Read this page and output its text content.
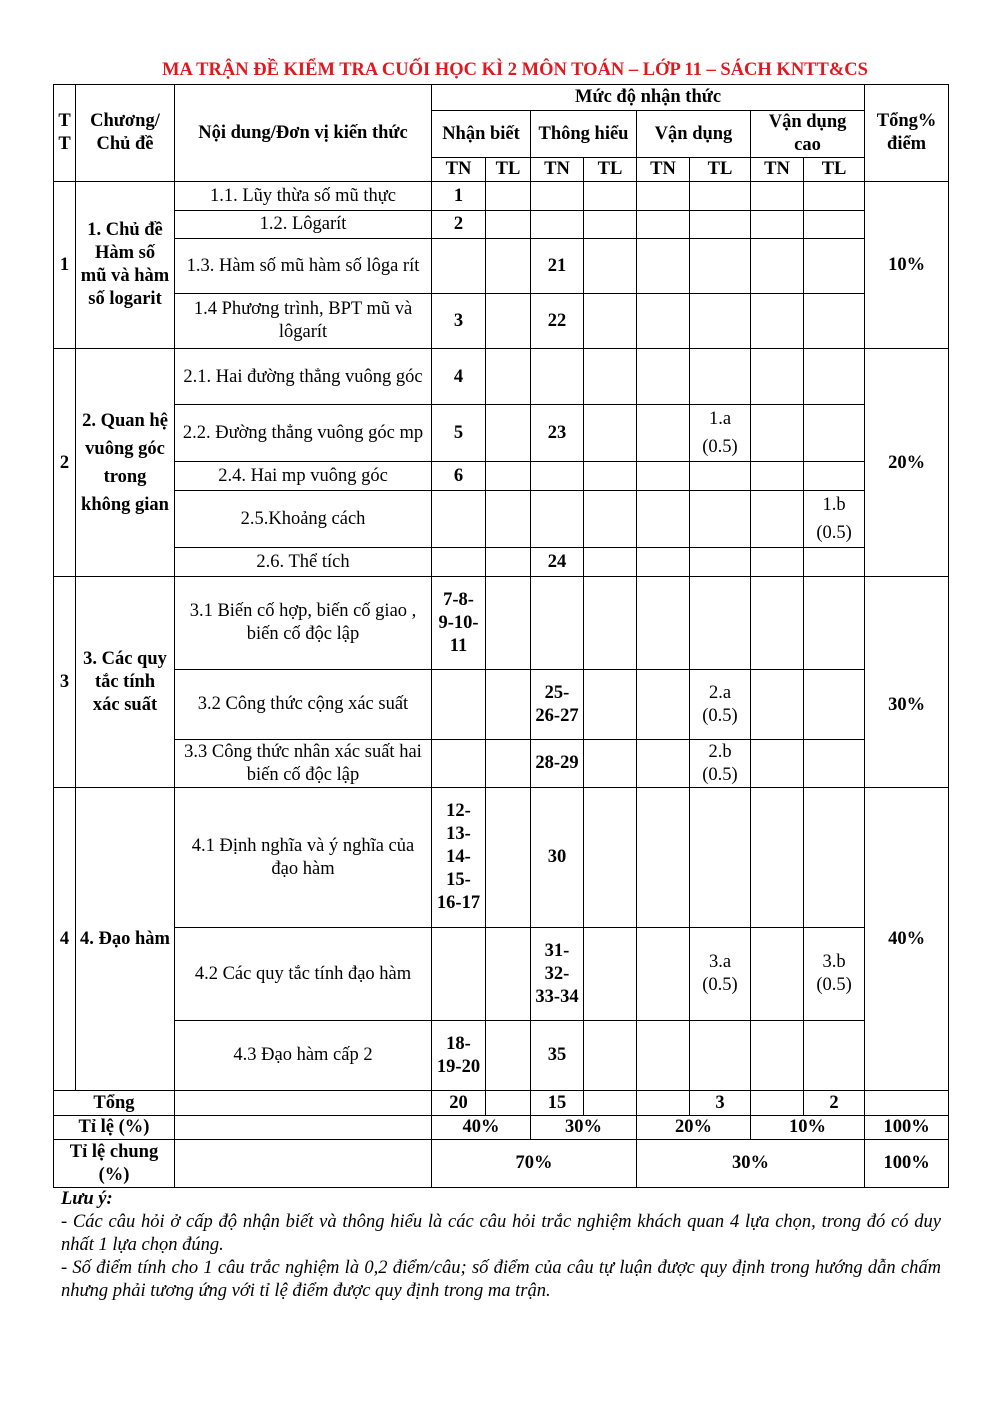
MA TRẬN ĐỀ KIỂM TRA CUỐI HỌC KÌ 2 MÔN TOÁN – LỚP 11 – SÁCH KNTT&CS
T T	Chương/ Chủ đề	Nội dung/Đơn vị kiến thức	Mức độ nhận thức								Tổng% điểm
			Nhận biết		Thông hiểu		Vận dụng		Vận dụng cao		
			TN	TL	TN	TL	TN	TL	TN	TL	
1	1. Chủ đề Hàm số mũ và hàm số logarit	1.1. Lũy thừa số mũ thực	1								10%
		1.2. Lôgarít	2								
		1.3. Hàm số mũ hàm số lôga rít			21						
		1.4 Phương trình, BPT mũ và lôgarít	3		22						
2	2. Quan hệ vuông góc trong không gian	2.1. Hai đường thẳng vuông góc	4								20%
		2.2. Đường thẳng vuông góc mp	5		23			1.a (0.5)			
		2.4. Hai mp vuông góc	6								
		2.5.Khoảng cách								1.b (0.5)	
		2.6. Thể tích			24						
3	3. Các quy tắc tính xác suất	3.1 Biến cố hợp, biến cố giao , biến cố độc lập	7-8-9-10-11								30%
		3.2 Công thức cộng xác suất			25-26-27			2.a (0.5)			
		3.3 Công thức nhân xác suất hai biến cố độc lập			28-29			2.b (0.5)			
4	4. Đạo hàm	4.1 Định nghĩa và ý nghĩa của đạo hàm	12-13-14-15-16-17		30						40%
		4.2 Các quy tắc tính đạo hàm			31-32-33-34			3.a (0.5)		3.b (0.5)	
		4.3 Đạo hàm cấp 2	18-19-20		35						
Tổng			20		15			3		2	
Tỉ lệ (%)			40%		30%		20%		10%		100%
Tỉ lệ chung (%)			70%				30%				100%

Lưu ý:

- Các câu hỏi ở cấp độ nhận biết và thông hiểu là các câu hỏi trắc nghiệm khách quan 4 lựa chọn, trong đó có duy nhất 1 lựa chọn đúng.

- Số điểm tính cho 1 câu trắc nghiệm là 0,2 điểm/câu; số điểm của câu tự luận được quy định trong hướng dẫn chấm nhưng phải tương ứng với tỉ lệ điểm được quy định trong ma trận.
